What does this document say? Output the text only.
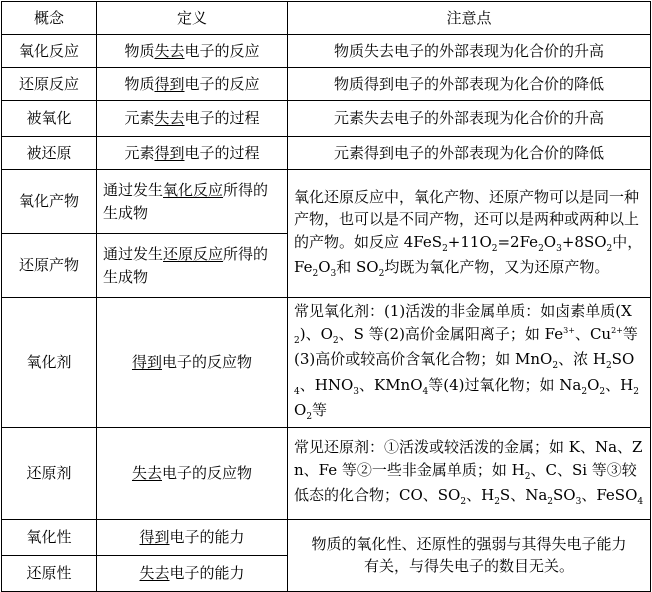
概念	定义	注意点
氧化反应	物质失去电子的反应	物质失去电子的外部表现为化合价的升高
还原反应	物质得到电子的反应	物质得到电子的外部表现为化合价的降低
被氧化	元素失去电子的过程	元素失去电子的外部表现为化合价的升高
被还原	元素得到电子的过程	元素得到电子的外部表现为化合价的降低
氧化产物	通过发生氧化反应所得的生成物	氧化还原反应中，氧化产物、还原产物可以是同一种产物，也可以是不同产物，还可以是两种或两种以上的产物。如反应 $4FeS_2+11O_2=2Fe_2O_3+8SO_2$中，$Fe_2O_3$和 $SO_2$均既为氧化产物，又为还原产物。
还原产物	通过发生还原反应所得的生成物	
氧化剂	得到电子的反应物	常见氧化剂：(1)活泼的非金属单质：如卤素单质$(X_2)$、$O_2$、S 等(2)高价金属阳离子；如 $Fe^{3+}$、$Cu^{2+}$等(3)高价或较高价含氧化合物；如 MnO$_2$、浓 $H_2SO_4$、$HNO_3$、KMnO$_4$等(4)过氧化物；如 $Na_2O_2$、$H_2O_2$等
还原剂	失去电子的反应物	常见还原剂：①活泼或较活泼的金属；如 K、Na、Zn、Fe 等②一些非金属单质；如 $H_2$、C、Si 等③较低态的化合物；CO、$SO_2$、$H_2S$、$Na_2SO_3$、FeSO$_4$
氧化性	得到电子的能力	物质的氧化性、还原性的强弱与其得失电子能力有关，与得失电子的数目无关。
还原性	失去电子的能力	
